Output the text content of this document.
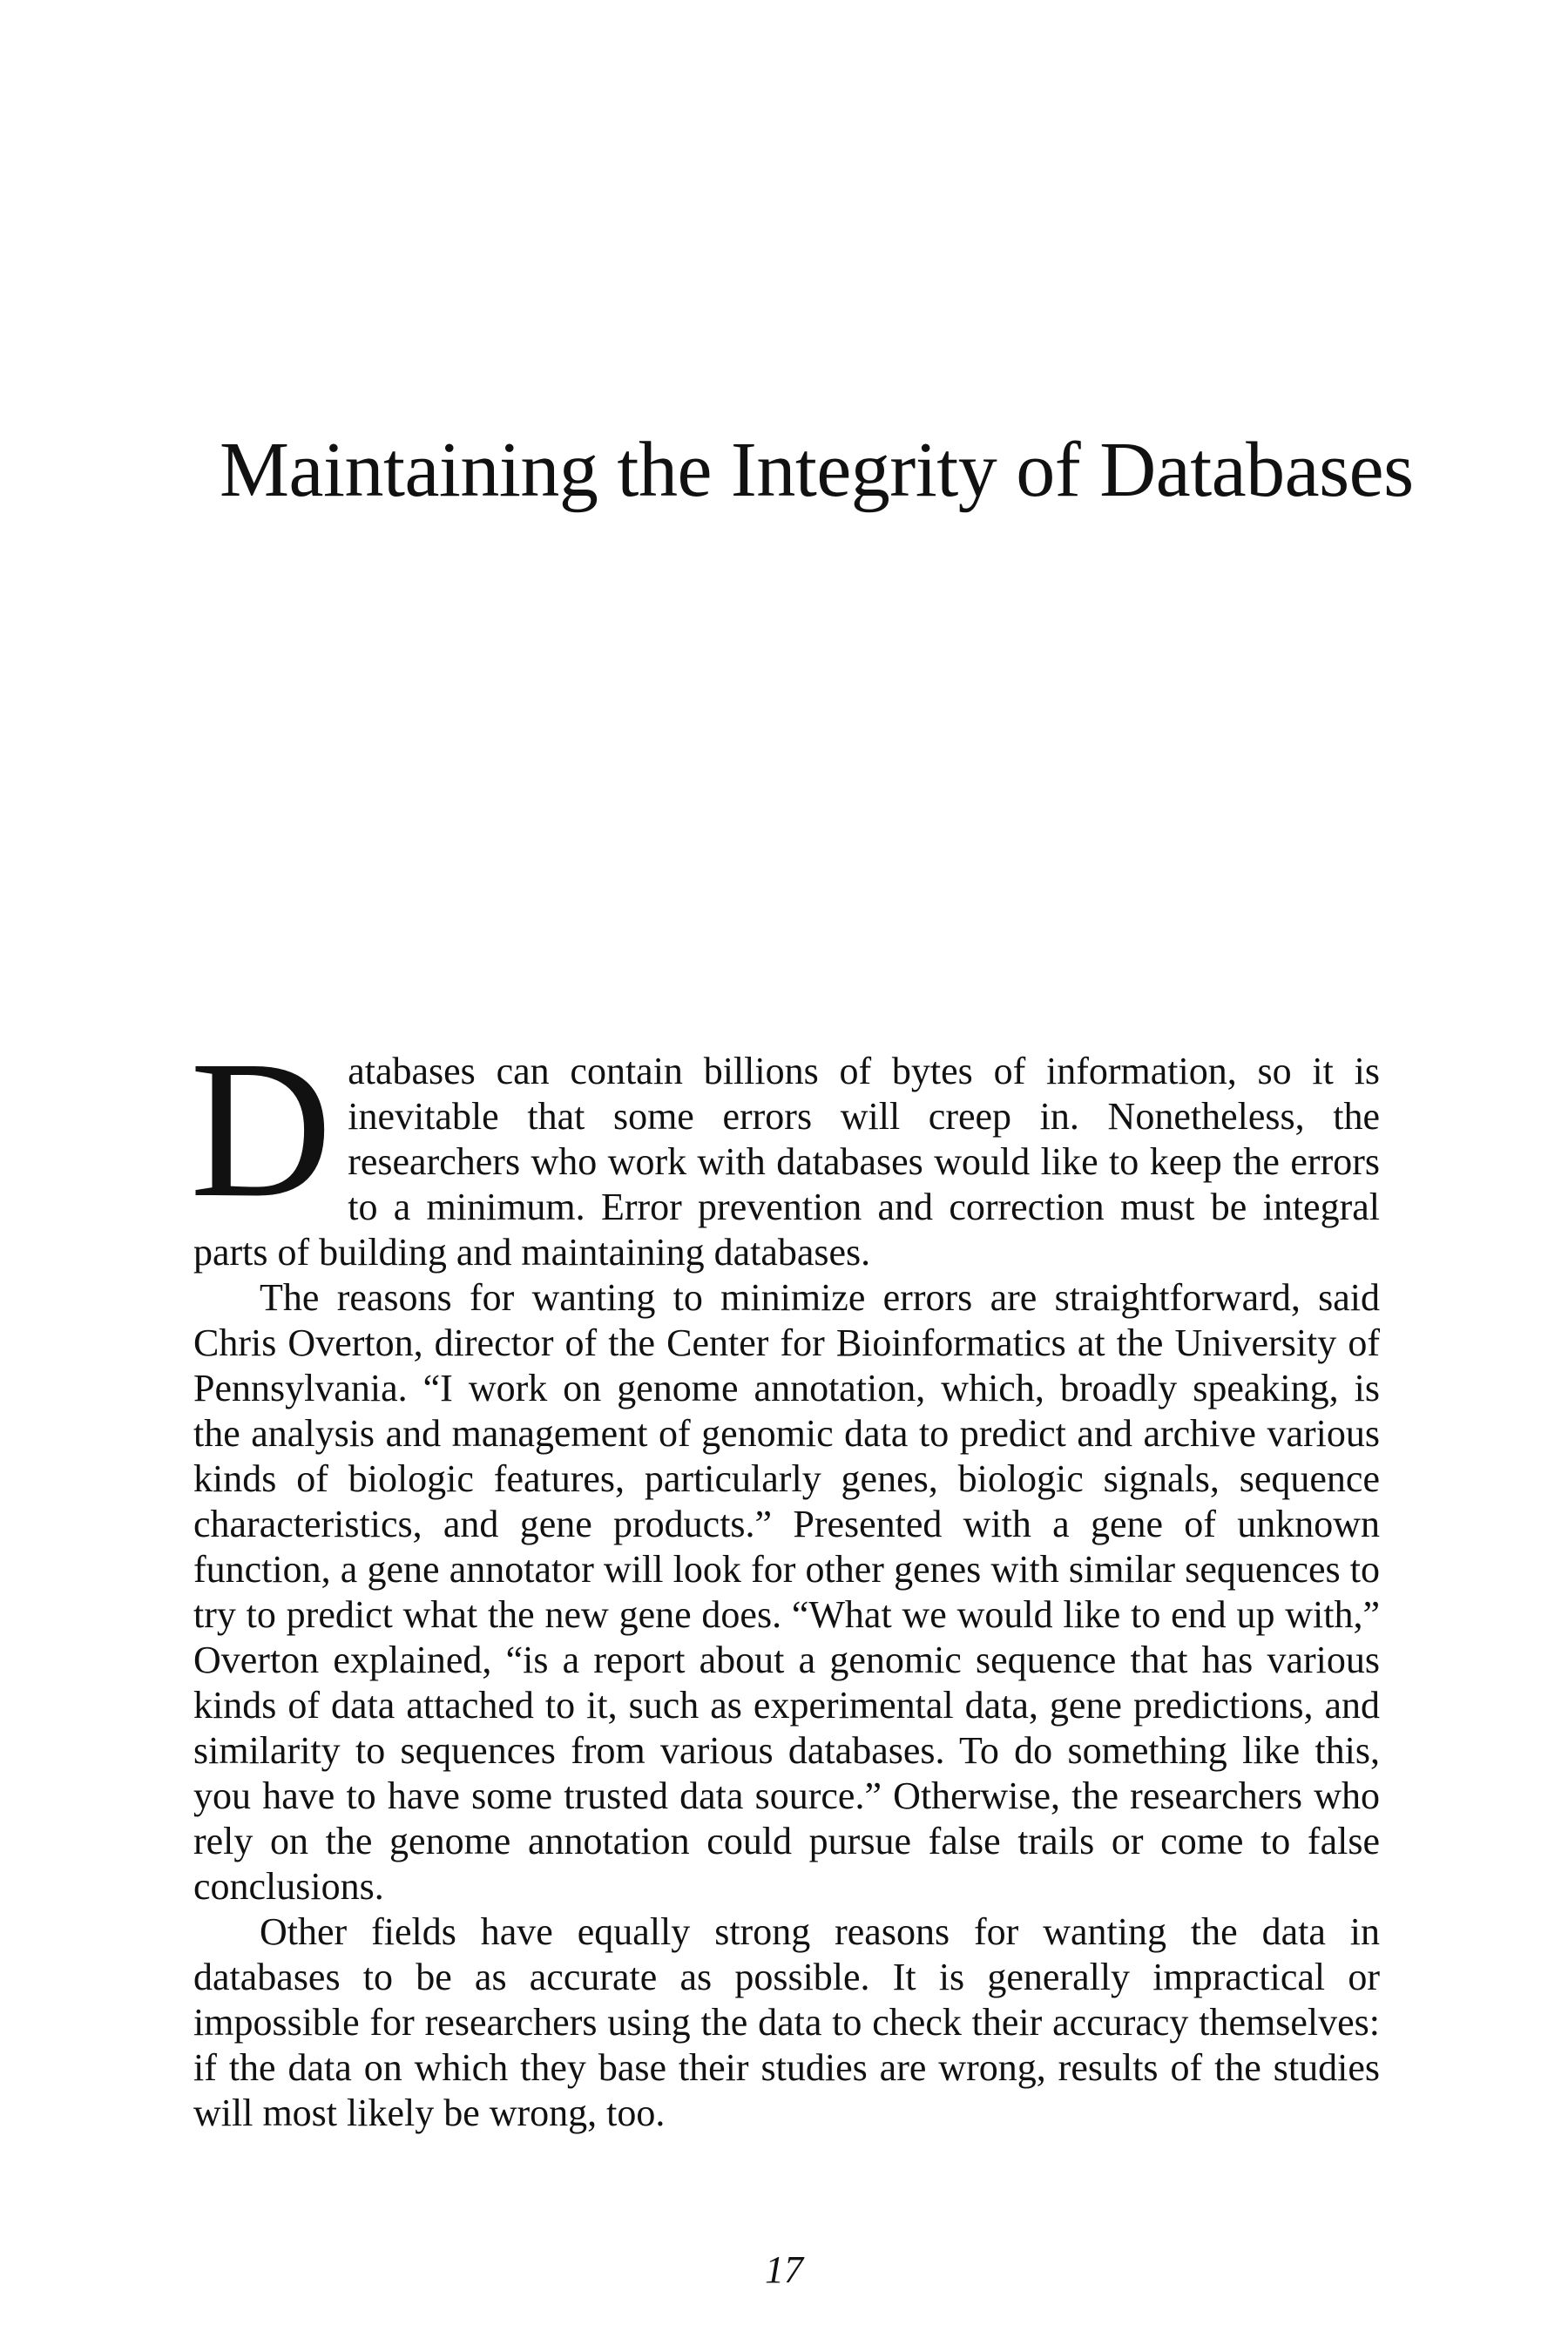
Maintaining the Integrity of Databases

Databases can contain billions of bytes of information, so it is inevitable that some errors will creep in. Nonetheless, the researchers who work with databases would like to keep the errors to a minimum. Error prevention and correction must be integral parts of building and maintaining databases.

The reasons for wanting to minimize errors are straightforward, said Chris Overton, director of the Center for Bioinformatics at the University of Pennsylvania. “I work on genome annotation, which, broadly speaking, is the analysis and management of genomic data to predict and archive various kinds of biologic features, particularly genes, biologic signals, sequence characteristics, and gene products.” Presented with a gene of unknown function, a gene annotator will look for other genes with similar sequences to try to predict what the new gene does. “What we would like to end up with,” Overton explained, “is a report about a genomic sequence that has various kinds of data attached to it, such as experimental data, gene predictions, and similarity to sequences from various databases. To do something like this, you have to have some trusted data source.” Otherwise, the researchers who rely on the genome annotation could pursue false trails or come to false conclusions.

Other fields have equally strong reasons for wanting the data in databases to be as accurate as possible. It is generally impractical or impossible for researchers using the data to check their accuracy themselves: if the data on which they base their studies are wrong, results of the studies will most likely be wrong, too.

17
